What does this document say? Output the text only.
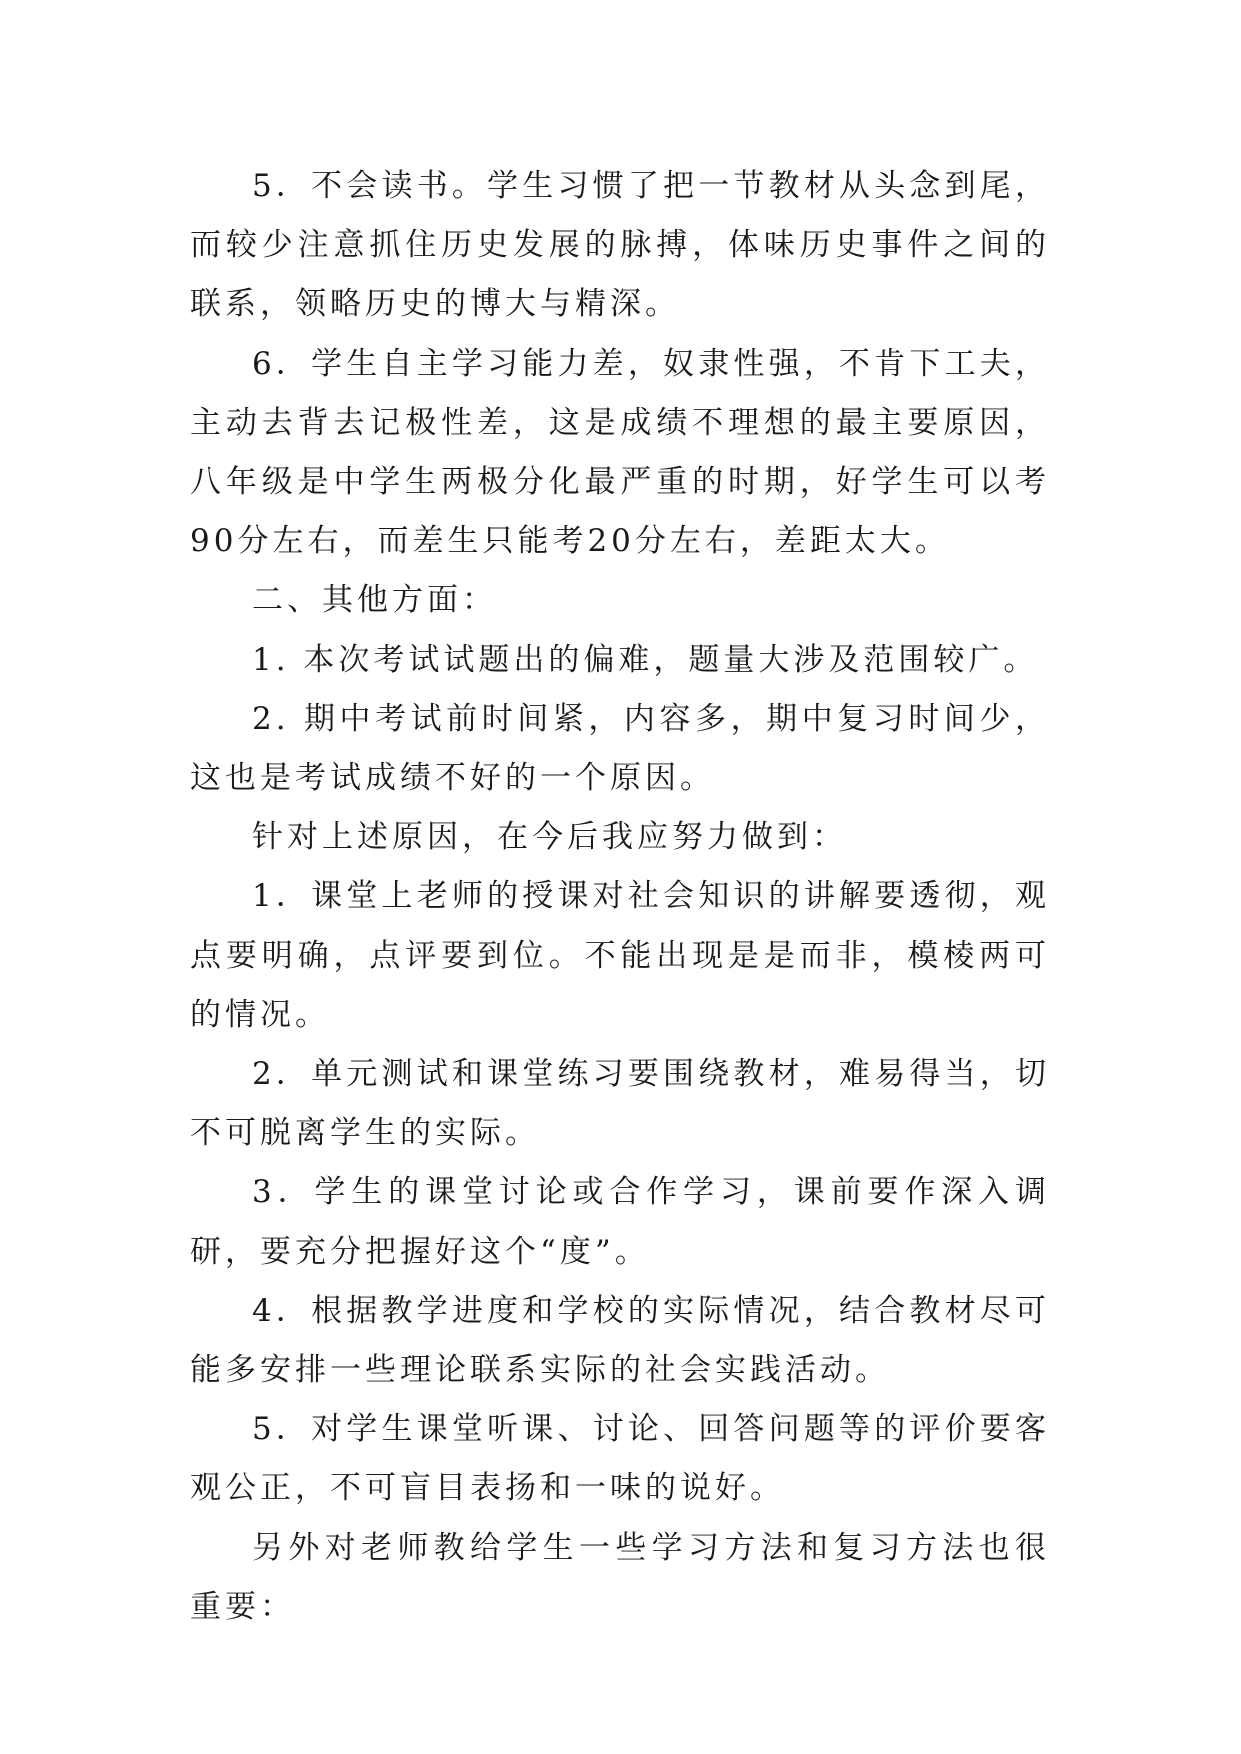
5．不会读书。学生习惯了把一节教材从头念到尾，而较少注意抓住历史发展的脉搏，体味历史事件之间的联系，领略历史的博大与精深。

6．学生自主学习能力差，奴隶性强，不肯下工夫，主动去背去记极性差，这是成绩不理想的最主要原因，八年级是中学生两极分化最严重的时期，好学生可以考90分左右，而差生只能考20分左右，差距太大。

二、其他方面：

1. 本次考试试题出的偏难，题量大涉及范围较广。

2. 期中考试前时间紧，内容多，期中复习时间少，这也是考试成绩不好的一个原因。

针对上述原因，在今后我应努力做到：

1．课堂上老师的授课对社会知识的讲解要透彻，观点要明确，点评要到位。不能出现是是而非，模棱两可的情况。

2．单元测试和课堂练习要围绕教材，难易得当，切不可脱离学生的实际。

3．学生的课堂讨论或合作学习，课前要作深入调研，要充分把握好这个“度”。

4．根据教学进度和学校的实际情况，结合教材尽可能多安排一些理论联系实际的社会实践活动。

5．对学生课堂听课、讨论、回答问题等的评价要客观公正，不可盲目表扬和一味的说好。

另外对老师教给学生一些学习方法和复习方法也很重要：
